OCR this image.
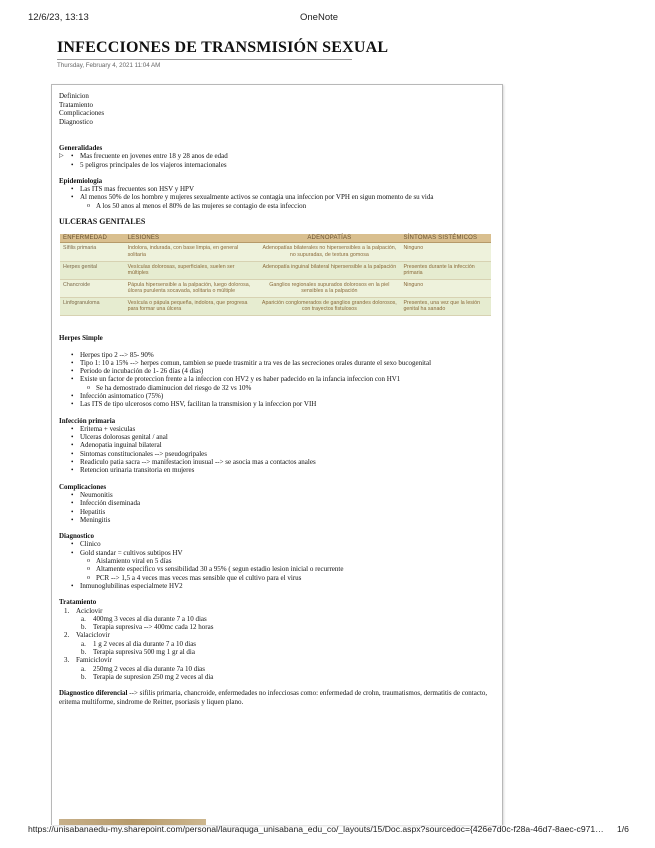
12/6/23, 13:13	OneNote
INFECCIONES DE TRANSMISIÓN SEXUAL
Thursday, February 4, 2021 11:04 AM
Definicion
Tratamiento
Complicaciones
Diagnostico
Generalidades
▷ • Mas frecuente en jovenes entre 18 y 28 anos de edad
• 5 peligros principales de los viajeros internacionales
Epidemiologia
• Las ITS mas frecuentes son HSV y HPV
• Al menos 50% de los hombre y mujeres sexualmente activos se contagia una infeccion por VPH en sigun momento de su vida
o A los 50 anos al menos el 80% de las mujeres se contagio de esta infeccion
ULCERAS GENITALES
ENFERMEDAD	LESIONES	ADENOPATÍAS	SÍNTOMAS SISTÉMICOS
Sífilis primaria	Indolora, indurada, con base limpia, en general solitaria	Adenopatías bilaterales no hipersensibles a la palpación, no supuradas, de textura gomosa	Ninguno
Herpes genital	Vesículas dolorosas, superficiales, suelen ser múltiples	Adenopatía inguinal bilateral hipersensible a la palpación	Presentes durante la infección primaria
Chancroide	Pápula hipersensible a la palpación, luego dolorosa, úlcera purulenta socavada, solitaria o múltiple	Ganglios regionales supurados dolorosos en la piel sensibles a la palpación	Ninguno
Linfogranuloma	Vesícula o pápula pequeña, indolora, que progresa para formar una úlcera	Aparición conglomerados de ganglios grandes dolorosos, con trayectos fistulosos	Presentes, una vez que la lesión genital ha sanado
Herpes Simple
• Herpes tipo 2 --> 85- 90%
• Tipo 1: 10 a 15% --> herpes comun, tambien se puede trasmitir a tra ves de las secreciones orales durante el sexo bucogenital
• Periodo de incubación de 1- 26 días (4 días)
• Existe un factor de proteccion frente a la infeccion con HV2 y es haber padecido en la infancia infeccion con HV1
o Se ha demostrado diaminucion del riesgo de 32 vs 10%
• Infección asintomatico (75%)
• Las ITS de tipo ulcerosos como HSV, facilitan la transmision y la infeccion por VIH
Infección primaria
• Eritema + vesiculas
• Ulceras dolorosas genital / anal
• Adenopatia inguinal bilateral
• Sintomas constitucionales --> pseudogripales
• Readiculo patia sacra --> manifestacion inusual --> se asocia mas a contactos anales
• Retencion urinaria transitoria en mujeres
Complicaciones
• Neumonitis
• Infección diseminada
• Hepatitis
• Meningitis
Diagnostico
• Clinico
• Gold standar = cultivos subtipos HV
o Aislamiento viral en 5 días
o Altamente especifico vs sensibilidad 30 a 95% ( segun estadio lesion inicial o recurrente
o PCR --> 1,5 a 4 veces mas veces mas sensible que el cultivo para el virus
• Inmunoglubilinas especialmete HV2
Tratamiento
1. Aciclovir
a. 400mg 3 veces al dia durante 7 a 10 dias
b. Terapia supresiva --> 400mc cada 12 horas
2. Valaciclovir
a. 1 g 2 veces al dia durante 7 a 10 dias
b. Terapia supresiva 500 mg 1 gr al dia
3. Famiciclovir
a. 250mg 2 veces al dia durante 7a 10 dias
b. Terapia de supresion 250 mg 2 veces al dia
Diagnostico diferencial --> sifilis primaria, chancroide, enfermedades no infecciosas como: enfermedad de crohn, traumatismos, dermatitis de contacto, eritema multiforme, sindrome de Reitter, psoriasis y liquen plano.
https://unisabanaedu-my.sharepoint.com/personal/lauraquga_unisabana_edu_co/_layouts/15/Doc.aspx?sourcedoc={426e7d0c-f28a-46d7-8aec-c971… 1/6
